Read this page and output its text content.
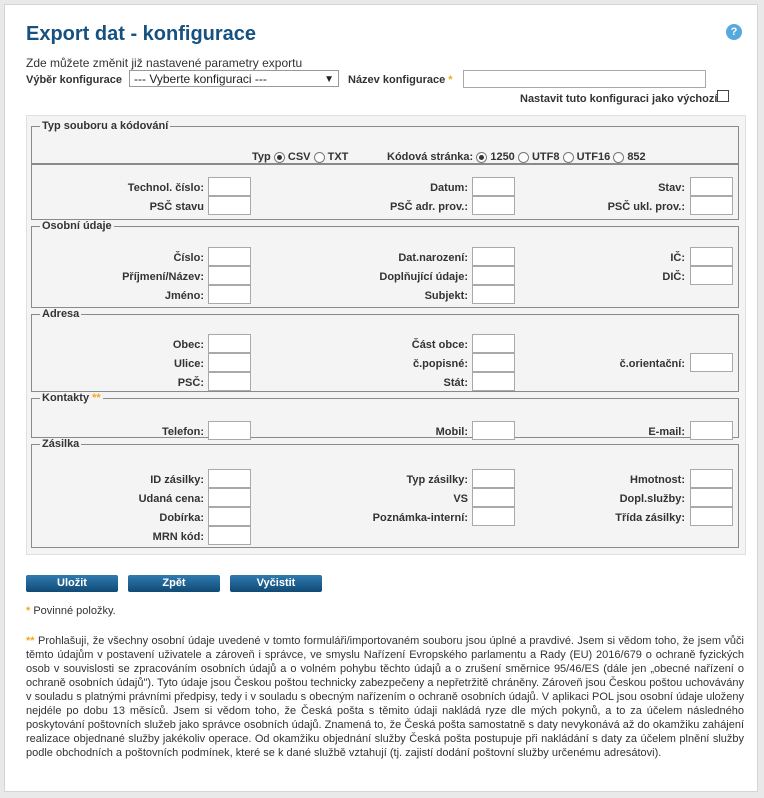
Export dat - konfigurace	?
Zde můžete změnit již nastavené parametry exportu
Výběr konfigurace	--- Vyberte konfiguraci ---	▼ Název konfigurace *
Nastavit tuto konfiguraci jako výchozí
Typ souboru a kódování
Typ CSV TXT	Kódová stránka: 1250 UTF8 UTF16 852
Technol. číslo:	Datum:	Stav:
PSČ stavu	PSČ adr. prov.:	PSČ ukl. prov.:
Osobní údaje
Číslo:	Dat.narození:	IČ:
Příjmení/Název:	Doplňující údaje:	DIČ:
Jméno:	Subjekt:
Adresa
Obec:	Část obce:
Ulice:	č.popisné:	č.orientační:
PSČ:	Stát:
Kontakty **
Telefon:	Mobil:	E-mail:
Zásilka
ID zásilky:	Typ zásilky:	Hmotnost:
Udaná cena:	VS	Dopl.služby:
Dobírka:	Poznámka-interní:	Třída zásilky:
MRN kód:
Uložit	Zpět	Vyčistit
* Povinné položky.
** Prohlašuji, že všechny osobní údaje uvedené v tomto formuláři/importovaném souboru jsou úplné a pravdivé. Jsem si vědom toho, že jsem vůči těmto údajům v postavení uživatele a zároveň i správce, ve smyslu Nařízení Evropského parlamentu a Rady (EU) 2016/679 o ochraně fyzických osob v souvislosti se zpracováním osobních údajů a o volném pohybu těchto údajů a o zrušení směrnice 95/46/ES (dále jen „obecné nařízení o ochraně osobních údajů"). Tyto údaje jsou Českou poštou technicky zabezpečeny a nepřetržitě chráněny. Zároveň jsou Českou poštou uchovávány v souladu s platnými právními předpisy, tedy i v souladu s obecným nařízením o ochraně osobních údajů. V aplikaci POL jsou osobní údaje uloženy nejdéle po dobu 13 měsíců. Jsem si vědom toho, že Česká pošta s těmito údaji nakládá ryze dle mých pokynů, a to za účelem následného poskytování poštovních služeb jako správce osobních údajů. Znamená to, že Česká pošta samostatně s daty nevykonává až do okamžiku zahájení realizace objednané služby jakékoliv operace. Od okamžiku objednání služby Česká pošta postupuje při nakládání s daty za účelem plnění služby podle obchodních a poštovních podmínek, které se k dané službě vztahují (tj. zajistí dodání poštovní služby určenému adresátovi).
